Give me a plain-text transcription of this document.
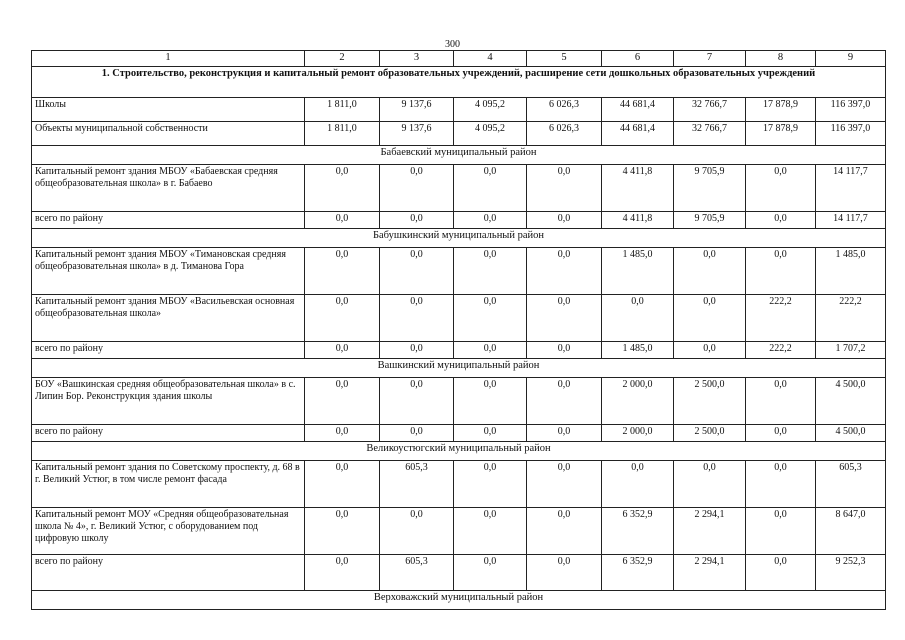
300
1	2	3	4	5	6	7	8	9
1. Строительство, реконструкция и капитальный ремонт образовательных учреждений, расширение сети дошкольных образовательных учреждений								
Школы	1 811,0	9 137,6	4 095,2	6 026,3	44 681,4	32 766,7	17 878,9	116 397,0
Объекты муниципальной собственности	1 811,0	9 137,6	4 095,2	6 026,3	44 681,4	32 766,7	17 878,9	116 397,0
Бабаевский муниципальный район								
Капитальный ремонт здания МБОУ «Бабаевская средняя общеобразовательная школа» в г. Бабаево	0,0	0,0	0,0	0,0	4 411,8	9 705,9	0,0	14 117,7
всего по району	0,0	0,0	0,0	0,0	4 411,8	9 705,9	0,0	14 117,7
Бабушкинский муниципальный район								
Капитальный ремонт здания МБОУ «Тимановская средняя общеобразовательная школа» в д. Тиманова Гора	0,0	0,0	0,0	0,0	1 485,0	0,0	0,0	1 485,0
Капитальный ремонт здания МБОУ «Васильевская основная общеобразовательная школа»	0,0	0,0	0,0	0,0	0,0	0,0	222,2	222,2
всего по району	0,0	0,0	0,0	0,0	1 485,0	0,0	222,2	1 707,2
Вашкинский муниципальный район								
БОУ «Вашкинская средняя общеобразовательная школа» в с. Липин Бор. Реконструкция здания школы	0,0	0,0	0,0	0,0	2 000,0	2 500,0	0,0	4 500,0
всего по району	0,0	0,0	0,0	0,0	2 000,0	2 500,0	0,0	4 500,0
Великоустюгский муниципальный район								
Капитальный ремонт здания по Советскому проспекту, д. 68 в г. Великий Устюг, в том числе ремонт фасада	0,0	605,3	0,0	0,0	0,0	0,0	0,0	605,3
Капитальный ремонт МОУ «Средняя общеобразовательная школа № 4», г. Великий Устюг, с оборудованием под цифровую школу	0,0	0,0	0,0	0,0	6 352,9	2 294,1	0,0	8 647,0
всего по району	0,0	605,3	0,0	0,0	6 352,9	2 294,1	0,0	9 252,3
Верховажский муниципальный район								
